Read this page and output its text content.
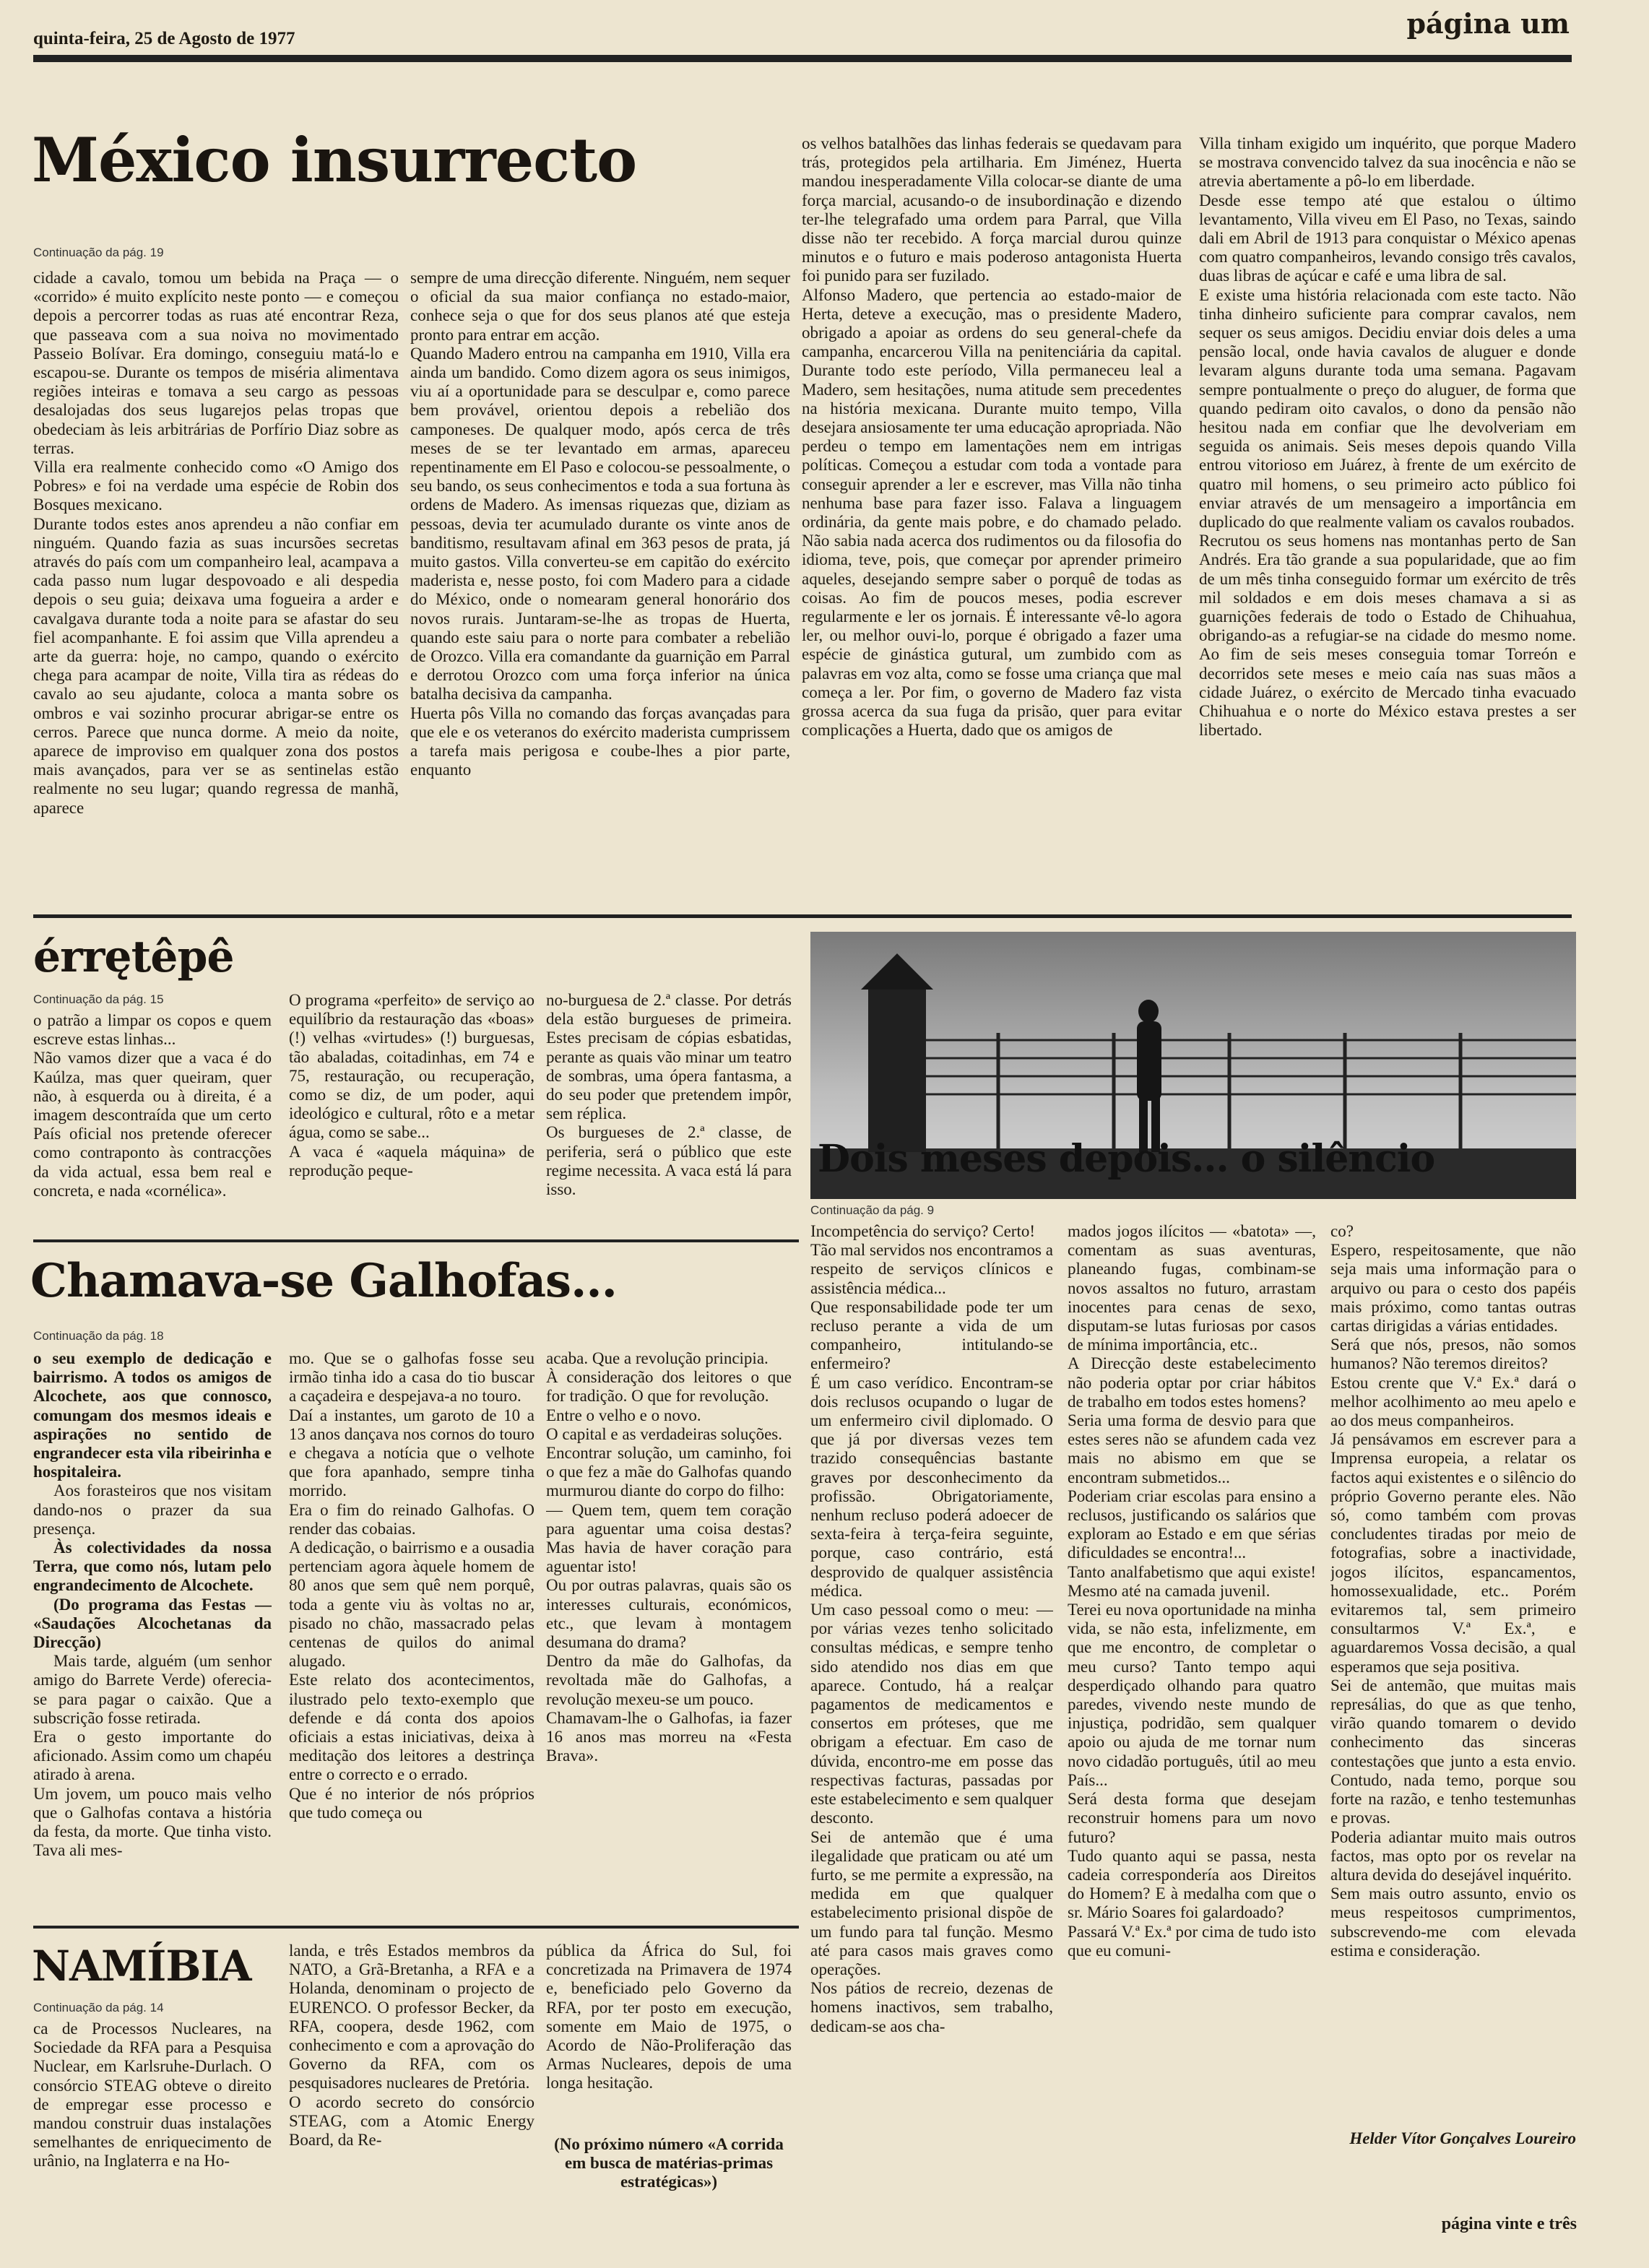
quinta-feira, 25 de Agosto de 1977	página um
México insurrecto
Continuação da pág. 19

cidade a cavalo, tomou um bebida na Praça — o «corrido» é muito explícito neste ponto — e começou depois a percorrer todas as ruas até encontrar Reza, que passeava com a sua noiva no movimentado Passeio Bolívar. Era domingo, conseguiu matá-lo e escapou-se. Durante os tempos de miséria alimentava regiões inteiras e tomava a seu cargo as pessoas desalojadas dos seus lugarejos pelas tropas que obedeciam às leis arbitrárias de Porfírio Diaz sobre as terras.
Villa era realmente conhecido como «O Amigo dos Pobres» e foi na verdade uma espécie de Robin dos Bosques mexicano.
Durante todos estes anos aprendeu a não confiar em ninguém. Quando fazia as suas incursões secretas através do país com um companheiro leal, acampava a cada passo num lugar despovoado e ali despedia depois o seu guia; deixava uma fogueira a arder e cavalgava durante toda a noite para se afastar do seu fiel acompanhante. E foi assim que Villa aprendeu a arte da guerra: hoje, no campo, quando o exército chega para acampar de noite, Villa tira as rédeas do cavalo ao seu ajudante, coloca a manta sobre os ombros e vai sozinho procurar abrigar-se entre os cerros. Parece que nunca dorme. A meio da noite, aparece de improviso em qualquer zona dos postos mais avançados, para ver se as sentinelas estão realmente no seu lugar; quando regressa de manhã, aparece

sempre de uma direcção diferente. Ninguém, nem sequer o oficial da sua maior confiança no estado-maior, conhece seja o que for dos seus planos até que esteja pronto para entrar em acção.
Quando Madero entrou na campanha em 1910, Villa era ainda um bandido. Como dizem agora os seus inimigos, viu aí a oportunidade para se desculpar e, como parece bem provável, orientou depois a rebelião dos camponeses. De qualquer modo, após cerca de três meses de se ter levantado em armas, apareceu repentinamente em El Paso e colocou-se pessoalmente, o seu bando, os seus conhecimentos e toda a sua fortuna às ordens de Madero. As imensas riquezas que, diziam as pessoas, devia ter acumulado durante os vinte anos de banditismo, resultavam afinal em 363 pesos de prata, já muito gastos. Villa converteu-se em capitão do exército maderista e, nesse posto, foi com Madero para a cidade do México, onde o nomearam general honorário dos novos rurais. Juntaram-se-lhe as tropas de Huerta, quando este saiu para o norte para combater a rebelião de Orozco. Villa era comandante da guarnição em Parral e derrotou Orozco com uma força inferior na única batalha decisiva da campanha.
Huerta pôs Villa no comando das forças avançadas para que ele e os veteranos do exército maderista cumprissem a tarefa mais perigosa e coube-lhes a pior parte, enquanto

os velhos batalhões das linhas federais se quedavam para trás, protegidos pela artilharia. Em Jiménez, Huerta mandou inesperadamente Villa colocar-se diante de uma força marcial, acusando-o de insubordinação e dizendo ter-lhe telegrafado uma ordem para Parral, que Villa disse não ter recebido. A força marcial durou quinze minutos e o futuro e mais poderoso antagonista Huerta foi punido para ser fuzilado.
Alfonso Madero, que pertencia ao estado-maior de Herta, deteve a execução, mas o presidente Madero, obrigado a apoiar as ordens do seu general-chefe da campanha, encarcerou Villa na penitenciária da capital. Durante todo este período, Villa permaneceu leal a Madero, sem hesitações, numa atitude sem precedentes na história mexicana. Durante muito tempo, Villa desejara ansiosamente ter uma educação apropriada. Não perdeu o tempo em lamentações nem em intrigas políticas. Começou a estudar com toda a vontade para conseguir aprender a ler e escrever, mas Villa não tinha nenhuma base para fazer isso. Falava a linguagem ordinária, da gente mais pobre, e do chamado pelado. Não sabia nada acerca dos rudimentos ou da filosofia do idioma, teve, pois, que começar por aprender primeiro aqueles, desejando sempre saber o porquê de todas as coisas. Ao fim de poucos meses, podia escrever regularmente e ler os jornais. É interessante vê-lo agora ler, ou melhor ouvi-lo, porque é obrigado a fazer uma espécie de ginástica gutural, um zumbido com as palavras em voz alta, como se fosse uma criança que mal começa a ler. Por fim, o governo de Madero faz vista grossa acerca da sua fuga da prisão, quer para evitar complicações a Huerta, dado que os amigos de

Villa tinham exigido um inquérito, que porque Madero se mostrava convencido talvez da sua inocência e não se atrevia abertamente a pô-lo em liberdade.
Desde esse tempo até que estalou o último levantamento, Villa viveu em El Paso, no Texas, saindo dali em Abril de 1913 para conquistar o México apenas com quatro companheiros, levando consigo três cavalos, duas libras de açúcar e café e uma libra de sal.
E existe uma história relacionada com este tacto. Não tinha dinheiro suficiente para comprar cavalos, nem sequer os seus amigos. Decidiu enviar dois deles a uma pensão local, onde havia cavalos de aluguer e donde levaram alguns durante toda uma semana. Pagavam sempre pontualmente o preço do aluguer, de forma que quando pediram oito cavalos, o dono da pensão não hesitou nada em confiar que lhe devolveriam em seguida os animais. Seis meses depois quando Villa entrou vitorioso em Juárez, à frente de um exército de quatro mil homens, o seu primeiro acto público foi enviar através de um mensageiro a importância em duplicado do que realmente valiam os cavalos roubados.
Recrutou os seus homens nas montanhas perto de San Andrés. Era tão grande a sua popularidade, que ao fim de um mês tinha conseguido formar um exército de três mil soldados e em dois meses chamava a si as guarnições federais de todo o Estado de Chihuahua, obrigando-as a refugiar-se na cidade do mesmo nome. Ao fim de seis meses conseguia tomar Torreón e decorridos sete meses e meio caía nas suas mãos a cidade Juárez, o exército de Mercado tinha evacuado Chihuahua e o norte do México estava prestes a ser libertado.

érrętêpê
Continuação da pág. 15

o patrão a limpar os copos e quem escreve estas linhas...
Não vamos dizer que a vaca é do Kaúlza, mas quer queiram, quer não, à esquerda ou à direita, é a imagem descontraída que um certo País oficial nos pretende oferecer como contraponto às contracções da vida actual, essa bem real e concreta, e nada «cornélica».

O programa «perfeito» de serviço ao equilíbrio da restauração das «boas» (!) velhas «virtudes» (!) burguesas, tão abaladas, coitadinhas, em 74 e 75, restauração, ou recuperação, como se diz, de um poder, aqui ideológico e cultural, rôto e a metar água, como se sabe...
A vaca é «aquela máquina» de reprodução peque-

no-burguesa de 2.ª classe. Por detrás dela estão burgueses de primeira. Estes precisam de cópias esbatidas, perante as quais vão minar um teatro de sombras, uma ópera fantasma, a do seu poder que pretendem impôr, sem réplica.
Os burgueses de 2.ª classe, de periferia, será o público que este regime necessita. A vaca está lá para isso.

Dois meses depois... o silêncio
Chamava-se Galhofas...
Continuação da pág. 18

o seu exemplo de dedicação e bairrismo. A todos os amigos de Alcochete, aos que connosco, comungam dos mesmos ideais e aspirações no sentido de engrandecer esta vila ribeirinha e hospitaleira.

Aos forasteiros que nos visitam dando-nos o prazer da sua presença.

Às colectividades da nossa Terra, que como nós, lutam pelo engrandecimento de Alcochete.

(Do programa das Festas — «Saudações Alcochetanas da Direcção)

Mais tarde, alguém (um senhor amigo do Barrete Verde) oferecia-se para pagar o caixão. Que a subscrição fosse retirada.
Era o gesto importante do aficionado. Assim como um chapéu atirado à arena.
Um jovem, um pouco mais velho que o Galhofas contava a história da festa, da morte. Que tinha visto. Tava ali mes-

mo. Que se o galhofas fosse seu irmão tinha ido a casa do tio buscar a caçadeira e despejava-a no touro.
Daí a instantes, um garoto de 10 a 13 anos dançava nos cornos do touro e chegava a notícia que o velhote que fora apanhado, sempre tinha morrido.
Era o fim do reinado Galhofas. O render das cobaias.
A dedicação, o bairrismo e a ousadia pertenciam agora àquele homem de 80 anos que sem quê nem porquê, toda a gente viu às voltas no ar, pisado no chão, massacrado pelas centenas de quilos do animal alugado.
Este relato dos acontecimentos, ilustrado pelo texto-exemplo que defende e dá conta dos apoios oficiais a estas iniciativas, deixa à meditação dos leitores a destrinça entre o correcto e o errado.
Que é no interior de nós próprios que tudo começa ou

acaba. Que a revolução principia.
À consideração dos leitores o que for tradição. O que for revolução.
Entre o velho e o novo.
O capital e as verdadeiras soluções.
Encontrar solução, um caminho, foi o que fez a mãe do Galhofas quando murmurou diante do corpo do filho:
— Quem tem, quem tem coração para aguentar uma coisa destas? Mas havia de haver coração para aguentar isto!
Ou por outras palavras, quais são os interesses culturais, económicos, etc., que levam à montagem desumana do drama?
Dentro da mãe do Galhofas, da revoltada mãe do Galhofas, a revolução mexeu-se um pouco.
Chamavam-lhe o Galhofas, ia fazer 16 anos mas morreu na «Festa Brava».

Continuação da pág. 9

Incompetência do serviço? Certo!
Tão mal servidos nos encontramos a respeito de serviços clínicos e assistência médica...
Que responsabilidade pode ter um recluso perante a vida de um companheiro, intitulando-se enfermeiro?
É um caso verídico. Encontram-se dois reclusos ocupando o lugar de um enfermeiro civil diplomado. O que já por diversas vezes tem trazido consequências bastante graves por desconhecimento da profissão. Obrigatoriamente, nenhum recluso poderá adoecer de sexta-feira à terça-feira seguinte, porque, caso contrário, está desprovido de qualquer assistência médica.
Um caso pessoal como o meu: — por várias vezes tenho solicitado consultas médicas, e sempre tenho sido atendido nos dias em que aparece. Contudo, há a realçar pagamentos de medicamentos e consertos em próteses, que me obrigam a efectuar. Em caso de dúvida, encontro-me em posse das respectivas facturas, passadas por este estabelecimento e sem qualquer desconto.
Sei de antemão que é uma ilegalidade que praticam ou até um furto, se me permite a expressão, na medida em que qualquer estabelecimento prisional dispõe de um fundo para tal função. Mesmo até para casos mais graves como operações.
Nos pátios de recreio, dezenas de homens inactivos, sem trabalho, dedicam-se aos cha-

mados jogos ilícitos — «batota» —, comentam as suas aventuras, planeando fugas, combinam-se novos assaltos no futuro, arrastam inocentes para cenas de sexo, disputam-se lutas furiosas por casos de mínima importância, etc..
A Direcção deste estabelecimento não poderia optar por criar hábitos de trabalho em todos estes homens?
Seria uma forma de desvio para que estes seres não se afundem cada vez mais no abismo em que se encontram submetidos...
Poderiam criar escolas para ensino a reclusos, justificando os salários que exploram ao Estado e em que sérias dificuldades se encontra!...
Tanto analfabetismo que aqui existe! Mesmo até na camada juvenil.
Terei eu nova oportunidade na minha vida, se não esta, infelizmente, em que me encontro, de completar o meu curso? Tanto tempo aqui desperdiçado olhando para quatro paredes, vivendo neste mundo de injustiça, podridão, sem qualquer apoio ou ajuda de me tornar num novo cidadão português, útil ao meu País...
Será desta forma que desejam reconstruir homens para um novo futuro?
Tudo quanto aqui se passa, nesta cadeia correspondería aos Direitos do Homem? E à medalha com que o sr. Mário Soares foi galardoado?
Passará V.ª Ex.ª por cima de tudo isto que eu comuni-

co?
Espero, respeitosamente, que não seja mais uma informação para o arquivo ou para o cesto dos papéis mais próximo, como tantas outras cartas dirigidas a várias entidades.
Será que nós, presos, não somos humanos? Não teremos direitos?
Estou crente que V.ª Ex.ª dará o melhor acolhimento ao meu apelo e ao dos meus companheiros.
Já pensávamos em escrever para a Imprensa europeia, a relatar os factos aqui existentes e o silêncio do próprio Governo perante eles. Não só, como também com provas concludentes tiradas por meio de fotografias, sobre a inactividade, jogos ilícitos, espancamentos, homossexualidade, etc.. Porém evitaremos tal, sem primeiro consultarmos V.ª Ex.ª, e aguardaremos Vossa decisão, a qual esperamos que seja positiva.
Sei de antemão, que muitas mais represálias, do que as que tenho, virão quando tomarem o devido conhecimento das sinceras contestações que junto a esta envio. Contudo, nada temo, porque sou forte na razão, e tenho testemunhas e provas.
Poderia adiantar muito mais outros factos, mas opto por os revelar na altura devida do desejável inquérito.
Sem mais outro assunto, envio os meus respeitosos cumprimentos, subscrevendo-me com elevada estima e consideração.

Helder Vítor Gonçalves Loureiro
NAMÍBIA
Continuação da pág. 14

ca de Processos Nucleares, na Sociedade da RFA para a Pesquisa Nuclear, em Karlsruhe-Durlach. O consórcio STEAG obteve o direito de empregar esse processo e mandou construir duas instalações semelhantes de enriquecimento de urânio, na Inglaterra e na Ho-

landa, e três Estados membros da NATO, a Grã-Bretanha, a RFA e a Holanda, denominam o projecto de EURENCO. O professor Becker, da RFA, coopera, desde 1962, com conhecimento e com a aprovação do Governo da RFA, com os pesquisadores nucleares de Pretória.
O acordo secreto do consórcio STEAG, com a Atomic Energy Board, da Re-

pública da África do Sul, foi concretizada na Primavera de 1974 e, beneficiado pelo Governo da RFA, por ter posto em execução, somente em Maio de 1975, o Acordo de Não-Proliferação das Armas Nucleares, depois de uma longa hesitação.

(No próximo número «A corrida em busca de matérias-primas estratégicas»)
página vinte e três
